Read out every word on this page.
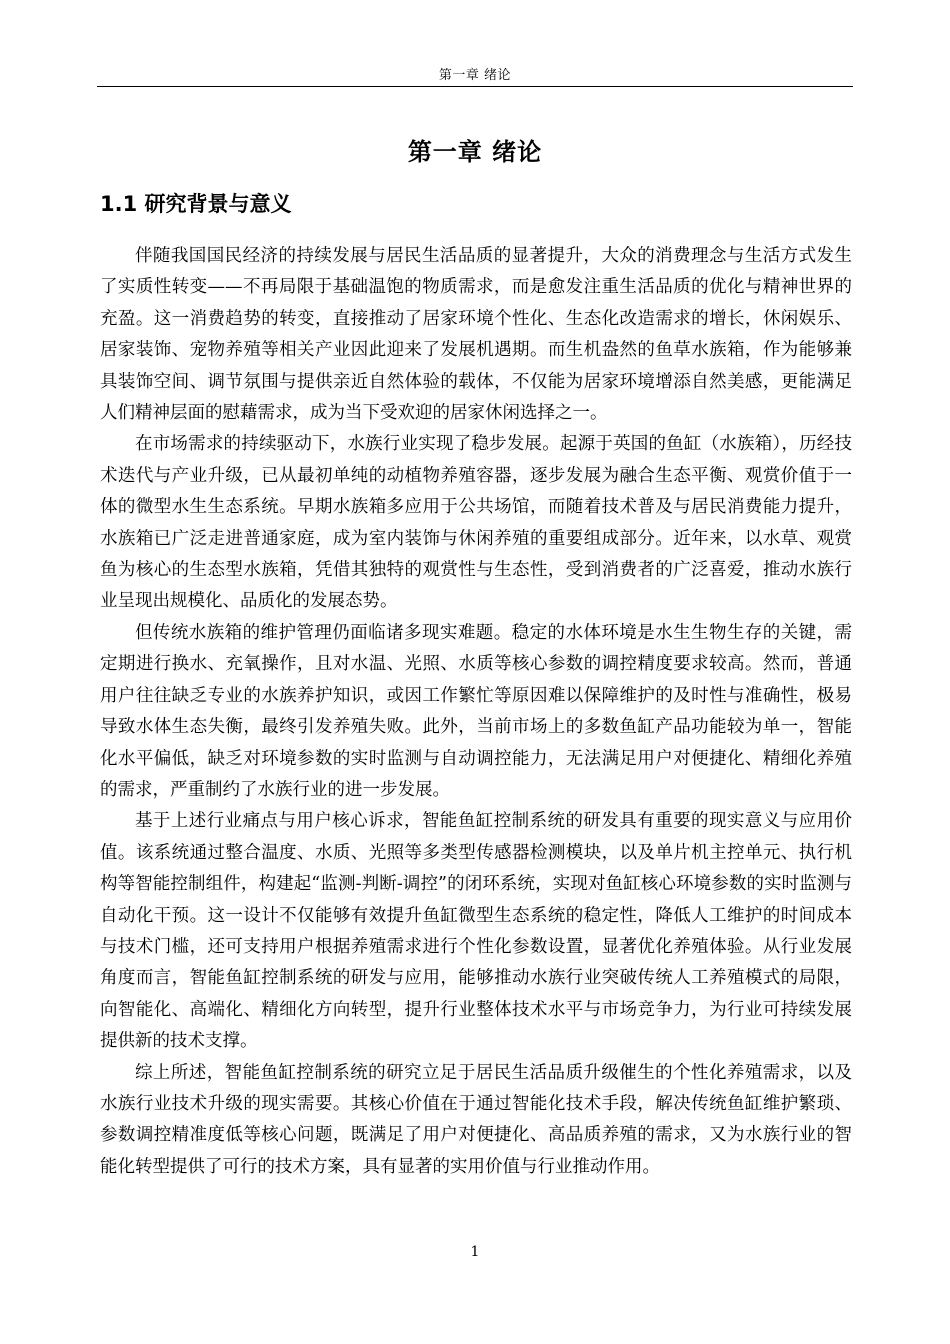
第一章 绪论
第一章 绪论
1.1 研究背景与意义

伴随我国国民经济的持续发展与居民生活品质的显著提升，大众的消费理念与生活方式发生了实质性转变——不再局限于基础温饱的物质需求，而是愈发注重生活品质的优化与精神世界的充盈。这一消费趋势的转变，直接推动了居家环境个性化、生态化改造需求的增长，休闲娱乐、居家装饰、宠物养殖等相关产业因此迎来了发展机遇期。而生机盎然的鱼草水族箱，作为能够兼具装饰空间、调节氛围与提供亲近自然体验的载体，不仅能为居家环境增添自然美感，更能满足人们精神层面的慰藉需求，成为当下受欢迎的居家休闲选择之一。

在市场需求的持续驱动下，水族行业实现了稳步发展。起源于英国的鱼缸（水族箱），历经技术迭代与产业升级，已从最初单纯的动植物养殖容器，逐步发展为融合生态平衡、观赏价值于一体的微型水生生态系统。早期水族箱多应用于公共场馆，而随着技术普及与居民消费能力提升，水族箱已广泛走进普通家庭，成为室内装饰与休闲养殖的重要组成部分。近年来，以水草、观赏鱼为核心的生态型水族箱，凭借其独特的观赏性与生态性，受到消费者的广泛喜爱，推动水族行业呈现出规模化、品质化的发展态势。

但传统水族箱的维护管理仍面临诸多现实难题。稳定的水体环境是水生生物生存的关键，需定期进行换水、充氧操作，且对水温、光照、水质等核心参数的调控精度要求较高。然而，普通用户往往缺乏专业的水族养护知识，或因工作繁忙等原因难以保障维护的及时性与准确性，极易导致水体生态失衡，最终引发养殖失败。此外，当前市场上的多数鱼缸产品功能较为单一，智能化水平偏低，缺乏对环境参数的实时监测与自动调控能力，无法满足用户对便捷化、精细化养殖的需求，严重制约了水族行业的进一步发展。

基于上述行业痛点与用户核心诉求，智能鱼缸控制系统的研发具有重要的现实意义与应用价值。该系统通过整合温度、水质、光照等多类型传感器检测模块，以及单片机主控单元、执行机构等智能控制组件，构建起“监测-判断-调控”的闭环系统，实现对鱼缸核心环境参数的实时监测与自动化干预。这一设计不仅能够有效提升鱼缸微型生态系统的稳定性，降低人工维护的时间成本与技术门槛，还可支持用户根据养殖需求进行个性化参数设置，显著优化养殖体验。从行业发展角度而言，智能鱼缸控制系统的研发与应用，能够推动水族行业突破传统人工养殖模式的局限，向智能化、高端化、精细化方向转型，提升行业整体技术水平与市场竞争力，为行业可持续发展提供新的技术支撑。

综上所述，智能鱼缸控制系统的研究立足于居民生活品质升级催生的个性化养殖需求，以及水族行业技术升级的现实需要。其核心价值在于通过智能化技术手段，解决传统鱼缸维护繁琐、参数调控精准度低等核心问题，既满足了用户对便捷化、高品质养殖的需求，又为水族行业的智能化转型提供了可行的技术方案，具有显著的实用价值与行业推动作用。

1
